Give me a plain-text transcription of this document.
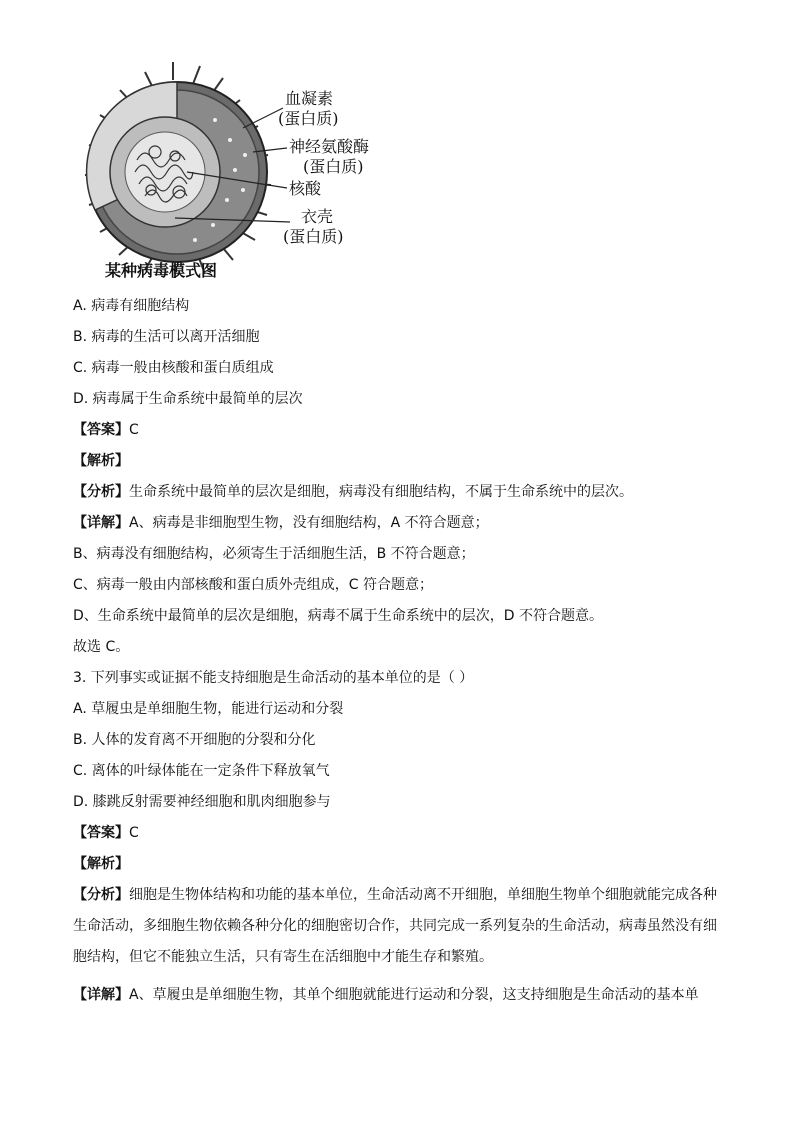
血凝素
(蛋白质)
神经氨酸酶
(蛋白质)
核酸
衣壳
(蛋白质)
某种病毒模式图
A. 病毒有细胞结构
B. 病毒的生活可以离开活细胞
C. 病毒一般由核酸和蛋白质组成
D. 病毒属于生命系统中最简单的层次
【答案】C
【解析】
【分析】生命系统中最简单的层次是细胞，病毒没有细胞结构，不属于生命系统中的层次。
【详解】A、病毒是非细胞型生物，没有细胞结构，A 不符合题意；
B、病毒没有细胞结构，必须寄生于活细胞生活，B 不符合题意；
C、病毒一般由内部核酸和蛋白质外壳组成，C 符合题意；
D、生命系统中最简单的层次是细胞，病毒不属于生命系统中的层次，D 不符合题意。
故选 C。
3. 下列事实或证据不能支持细胞是生命活动的基本单位的是（ ）
A. 草履虫是单细胞生物，能进行运动和分裂
B. 人体的发育离不开细胞的分裂和分化
C. 离体的叶绿体能在一定条件下释放氧气
D. 膝跳反射需要神经细胞和肌肉细胞参与
【答案】C
【解析】
【分析】细胞是生物体结构和功能的基本单位，生命活动离不开细胞，单细胞生物单个细胞就能完成各种生命活动，多细胞生物依赖各种分化的细胞密切合作，共同完成一系列复杂的生命活动，病毒虽然没有细胞结构，但它不能独立生活，只有寄生在活细胞中才能生存和繁殖。
【详解】A、草履虫是单细胞生物，其单个细胞就能进行运动和分裂，这支持细胞是生命活动的基本单
